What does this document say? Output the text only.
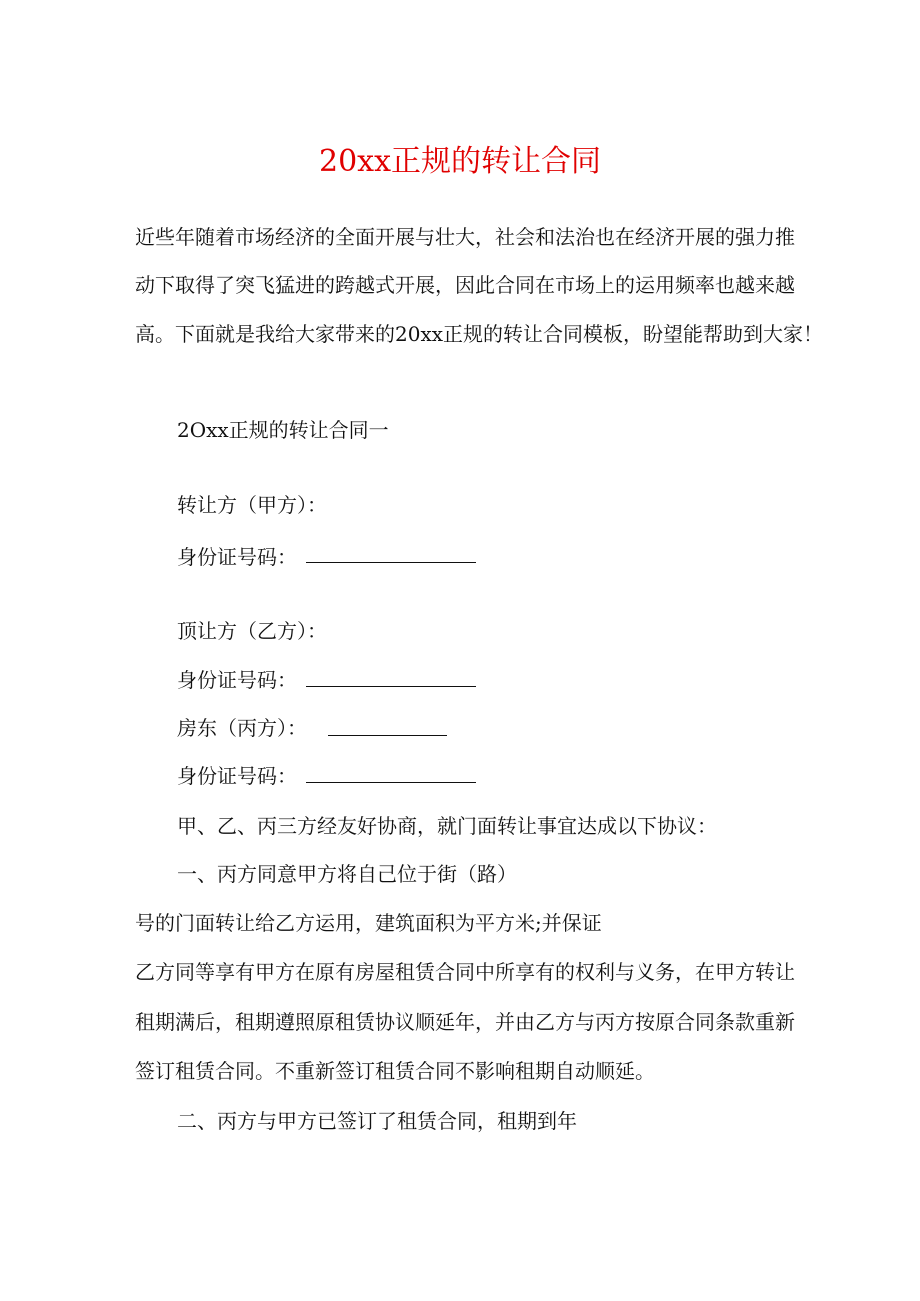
20xx正规的转让合同
近些年随着市场经济的全面开展与壮大，社会和法治也在经济开展的强力推
动下取得了突飞猛进的跨越式开展，因此合同在市场上的运用频率也越来越
高。下面就是我给大家带来的20xx正规的转让合同模板，盼望能帮助到大家！
2Oxx正规的转让合同一
转让方（甲方）：
身份证号码：
顶让方（乙方）：
身份证号码：
房东（丙方）：
身份证号码：
甲、乙、丙三方经友好协商，就门面转让事宜达成以下协议：
一、丙方同意甲方将自己位于街（路）
号的门面转让给乙方运用，建筑面积为平方米;并保证
乙方同等享有甲方在原有房屋租赁合同中所享有的权利与义务，在甲方转让
租期满后，租期遵照原租赁协议顺延年，并由乙方与丙方按原合同条款重新
签订租赁合同。不重新签订租赁合同不影响租期自动顺延。
二、丙方与甲方已签订了租赁合同，租期到年
